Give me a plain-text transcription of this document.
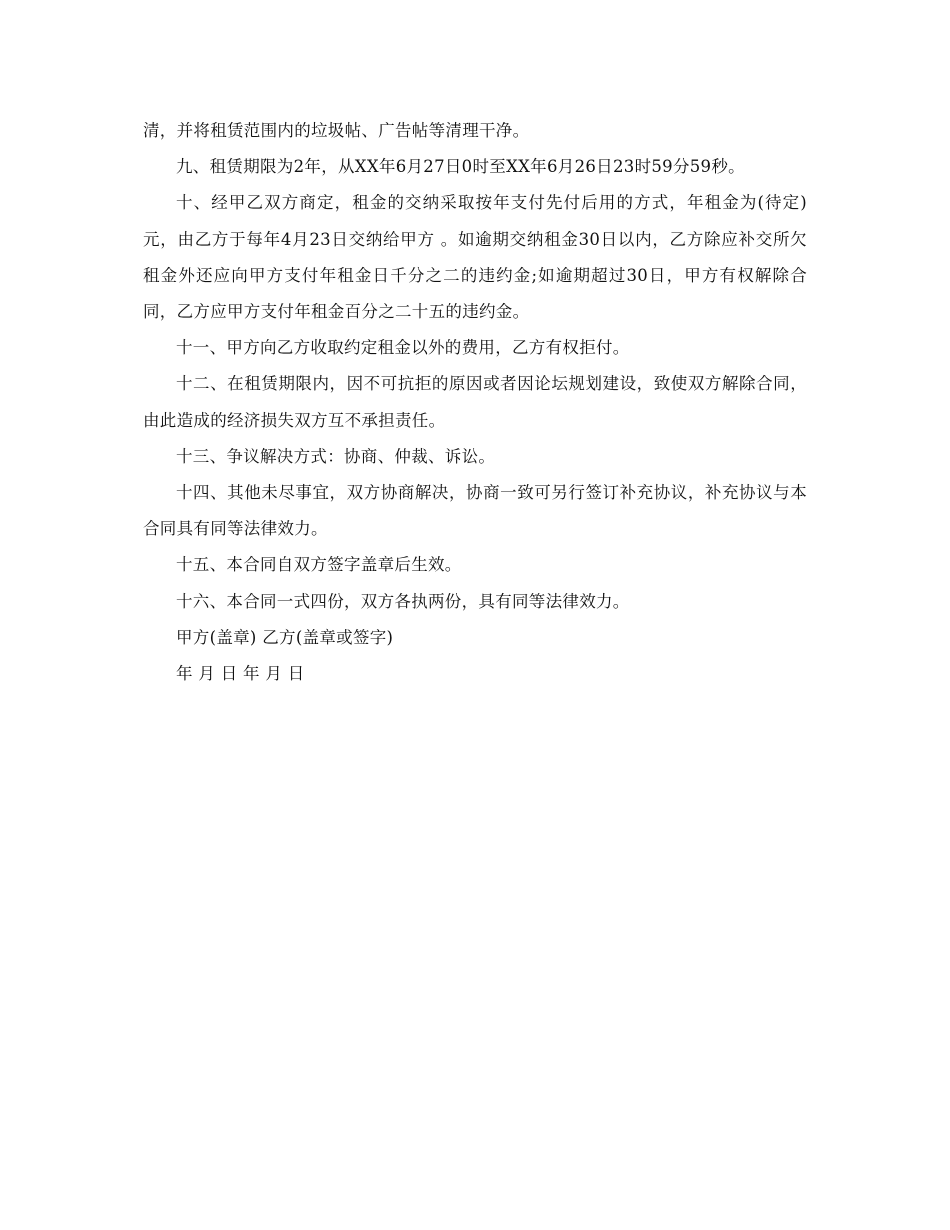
清，并将租赁范围内的垃圾帖、广告帖等清理干净。

九、租赁期限为2年，从XX年6月27日0时至XX年6月26日23时59分59秒。

十、经甲乙双方商定，租金的交纳采取按年支付先付后用的方式，年租金为(待定)元，由乙方于每年4月23日交纳给甲方 。如逾期交纳租金30日以内，乙方除应补交所欠租金外还应向甲方支付年租金日千分之二的违约金;如逾期超过30日，甲方有权解除合同，乙方应甲方支付年租金百分之二十五的违约金。

十一、甲方向乙方收取约定租金以外的费用，乙方有权拒付。

十二、在租赁期限内，因不可抗拒的原因或者因论坛规划建设，致使双方解除合同，由此造成的经济损失双方互不承担责任。

十三、争议解决方式：协商、仲裁、诉讼。

十四、其他未尽事宜，双方协商解决，协商一致可另行签订补充协议，补充协议与本合同具有同等法律效力。

十五、本合同自双方签字盖章后生效。

十六、本合同一式四份，双方各执两份，具有同等法律效力。

甲方(盖章) 乙方(盖章或签字)

年 月 日 年 月 日
